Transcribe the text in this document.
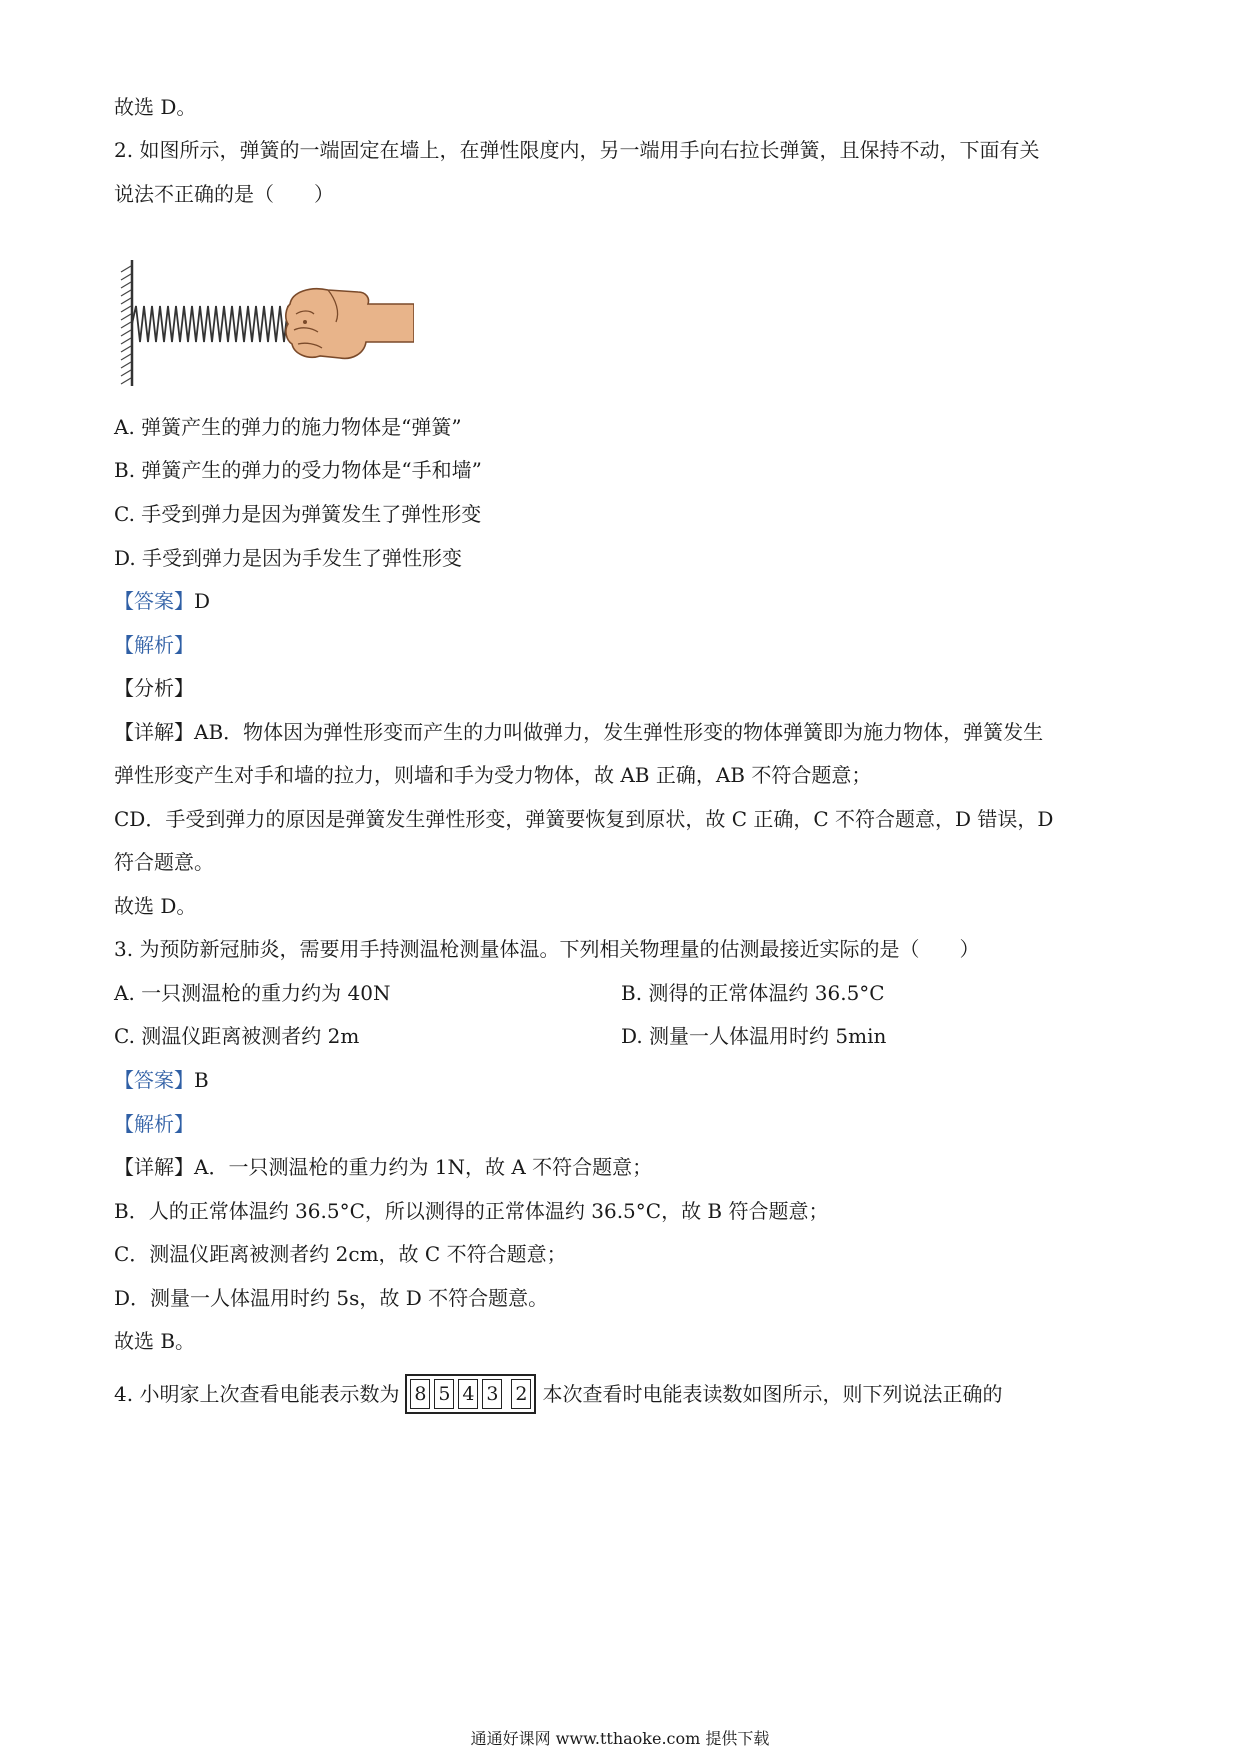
故选 D。
2. 如图所示，弹簧的一端固定在墙上，在弹性限度内，另一端用手向右拉长弹簧，且保持不动，下面有关
说法不正确的是（　　）
A. 弹簧产生的弹力的施力物体是“弹簧”
B. 弹簧产生的弹力的受力物体是“手和墙”
C. 手受到弹力是因为弹簧发生了弹性形变
D. 手受到弹力是因为手发生了弹性形变
【答案】D
【解析】
【分析】
【详解】AB．物体因为弹性形变而产生的力叫做弹力，发生弹性形变的物体弹簧即为施力物体，弹簧发生
弹性形变产生对手和墙的拉力，则墙和手为受力物体，故 AB 正确，AB 不符合题意；
CD．手受到弹力的原因是弹簧发生弹性形变，弹簧要恢复到原状，故 C 正确，C 不符合题意，D 错误，D
符合题意。
故选 D。
3. 为预防新冠肺炎，需要用手持测温枪测量体温。下列相关物理量的估测最接近实际的是（　　）
A. 一只测温枪的重力约为 40N	B. 测得的正常体温约 36.5°C
C. 测温仪距离被测者约 2m	D. 测量一人体温用时约 5min
【答案】B
【解析】
【详解】A．一只测温枪的重力约为 1N，故 A 不符合题意；
B．人的正常体温约 36.5°C，所以测得的正常体温约 36.5°C，故 B 符合题意；
C．测温仪距离被测者约 2cm，故 C 不符合题意；
D．测量一人体温用时约 5s，故 D 不符合题意。
故选 B。
4. 小明家上次查看电能表示数为 8 5 4 3 2 本次查看时电能表读数如图所示，则下列说法正确的
通通好课网 www.tthaoke.com 提供下载
